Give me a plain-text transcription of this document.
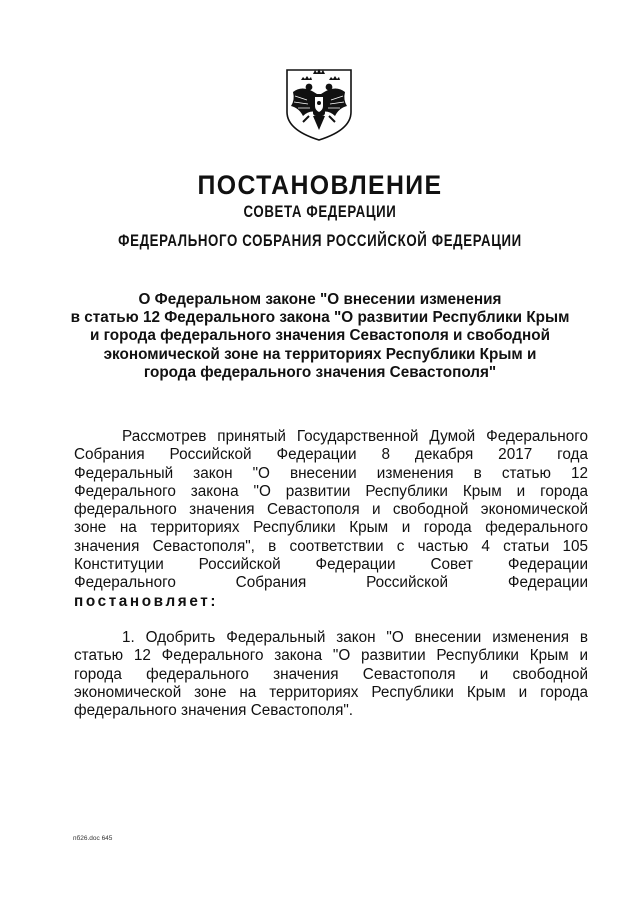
ПОСТАНОВЛЕНИЕ
СОВЕТА ФЕДЕРАЦИИ
ФЕДЕРАЛЬНОГО СОБРАНИЯ РОССИЙСКОЙ ФЕДЕРАЦИИ
О Федеральном законе "О внесении изменения
в статью 12 Федерального закона "О развитии Республики Крым
и города федерального значения Севастополя и свободной
экономической зоне на территориях Республики Крым и
города федерального значения Севастополя"
Рассмотрев принятый Государственной Думой Федерального
Собрания Российской Федерации 8 декабря 2017 года
Федеральный закон "О внесении изменения в статью 12
Федерального закона "О развитии Республики Крым и города
федерального значения Севастополя и свободной экономической
зоне на территориях Республики Крым и города федерального
значения Севастополя", в соответствии с частью 4 статьи 105
Конституции Российской Федерации Совет Федерации
Федерального Собрания Российской Федерации
постановляет:
1. Одобрить Федеральный закон "О внесении изменения в
статью 12 Федерального закона "О развитии Республики Крым и
города федерального значения Севастополя и свободной
экономической зоне на территориях Республики Крым и города
федерального значения Севастополя".
пб26.doc 645
